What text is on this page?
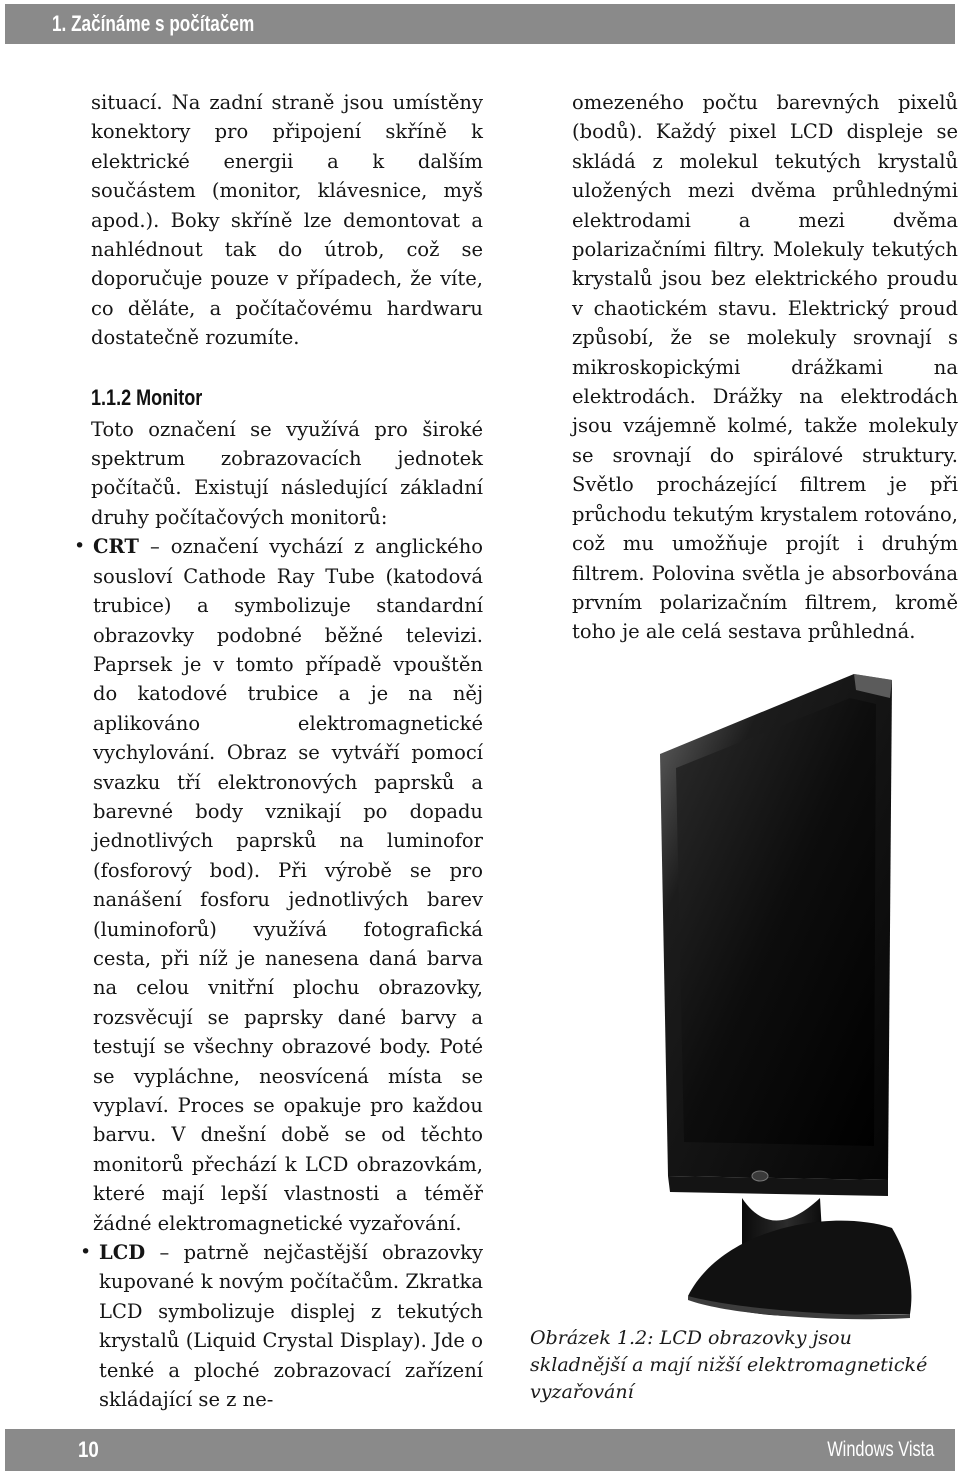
1. Začínáme s počítačem

situací. Na zadní straně jsou umístěny konektory pro připojení skříně k elektrické energii a k dalším součástem (monitor, klávesnice, myš apod.). Boky skříně lze demontovat a nahlédnout tak do útrob, což se doporučuje pouze v případech, že víte, co děláte, a počítačovému hardwaru dostatečně rozumíte.

1.1.2 Monitor

Toto označení se využívá pro široké spektrum zobrazovacích jednotek počítačů. Existují následující základní druhy počítačových monitorů:

• CRT – označení vychází z anglického sousloví Cathode Ray Tube (katodová trubice) a symbolizuje standardní obrazovky podobné běžné televizi. Paprsek je v tomto případě vpouštěn do katodové trubice a je na něj aplikováno elektromagnetické vychylování. Obraz se vytváří pomocí svazku tří elektronových paprsků a barevné body vznikají po dopadu jednotlivých paprsků na luminofor (fosforový bod). Při výrobě se pro nanášení fosforu jednotlivých barev (luminoforů) využívá fotografická cesta, při níž je nanesena daná barva na celou vnitřní plochu obrazovky, rozsvěcují se paprsky dané barvy a testují se všechny obrazové body. Poté se vypláchne, neosvícená místa se vyplaví. Proces se opakuje pro každou barvu. V dnešní době se od těchto monitorů přechází k LCD obrazovkám, které mají lepší vlastnosti a téměř žádné elektromagnetické vyzařování.

• LCD – patrně nejčastější obrazovky kupované k novým počítačům. Zkratka LCD symbolizuje displej z tekutých krystalů (Liquid Crystal Display). Jde o tenké a ploché zobrazovací zařízení skládající se z ne-

omezeného počtu barevných pixelů (bodů). Každý pixel LCD displeje se skládá z molekul tekutých krystalů uložených mezi dvěma průhlednými elektrodami a mezi dvěma polarizačními filtry. Molekuly tekutých krystalů jsou bez elektrického proudu v chaotickém stavu. Elektrický proud způsobí, že se molekuly srovnají s mikroskopickými drážkami na elektrodách. Drážky na elektrodách jsou vzájemně kolmé, takže molekuly se srovnají do spirálové struktury. Světlo procházející filtrem je při průchodu tekutým krystalem rotováno, což mu umožňuje projít i druhým filtrem. Polovina světla je absorbována prvním polarizačním filtrem, kromě toho je ale celá sestava průhledná.

Obrázek 1.2: LCD obrazovky jsou skladnější a mají nižší elektromagnetické vyzařování
10	Windows Vista
